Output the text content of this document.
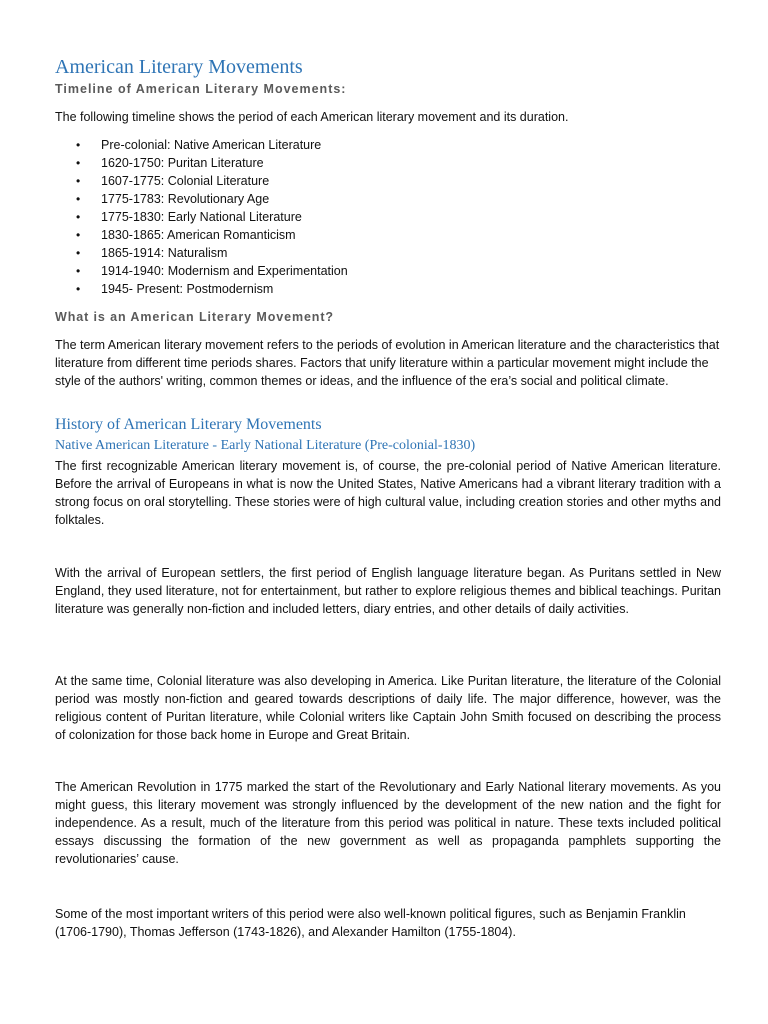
American Literary Movements
Timeline of American Literary Movements:

The following timeline shows the period of each American literary movement and its duration.

• Pre-colonial: Native American Literature
• 1620-1750: Puritan Literature
• 1607-1775: Colonial Literature
• 1775-1783: Revolutionary Age
• 1775-1830: Early National Literature
• 1830-1865: American Romanticism
• 1865-1914: Naturalism
• 1914-1940: Modernism and Experimentation
• 1945- Present: Postmodernism
What is an American Literary Movement?

The term American literary movement refers to the periods of evolution in American literature and the characteristics that literature from different time periods shares. Factors that unify literature within a particular movement might include the style of the authors' writing, common themes or ideas, and the influence of the era’s social and political climate.

History of American Literary Movements
Native American Literature - Early National Literature (Pre-colonial-1830)

The first recognizable American literary movement is, of course, the pre-colonial period of Native American literature. Before the arrival of Europeans in what is now the United States, Native Americans had a vibrant literary tradition with a strong focus on oral storytelling. These stories were of high cultural value, including creation stories and other myths and folktales.

With the arrival of European settlers, the first period of English language literature began. As Puritans settled in New England, they used literature, not for entertainment, but rather to explore religious themes and biblical teachings. Puritan literature was generally non-fiction and included letters, diary entries, and other details of daily activities.

At the same time, Colonial literature was also developing in America. Like Puritan literature, the literature of the Colonial period was mostly non-fiction and geared towards descriptions of daily life. The major difference, however, was the religious content of Puritan literature, while Colonial writers like Captain John Smith focused on describing the process of colonization for those back home in Europe and Great Britain.

The American Revolution in 1775 marked the start of the Revolutionary and Early National literary movements. As you might guess, this literary movement was strongly influenced by the development of the new nation and the fight for independence. As a result, much of the literature from this period was political in nature. These texts included political essays discussing the formation of the new government as well as propaganda pamphlets supporting the revolutionaries’ cause.

Some of the most important writers of this period were also well-known political figures, such as Benjamin Franklin (1706-1790), Thomas Jefferson (1743-1826), and Alexander Hamilton (1755-1804).
